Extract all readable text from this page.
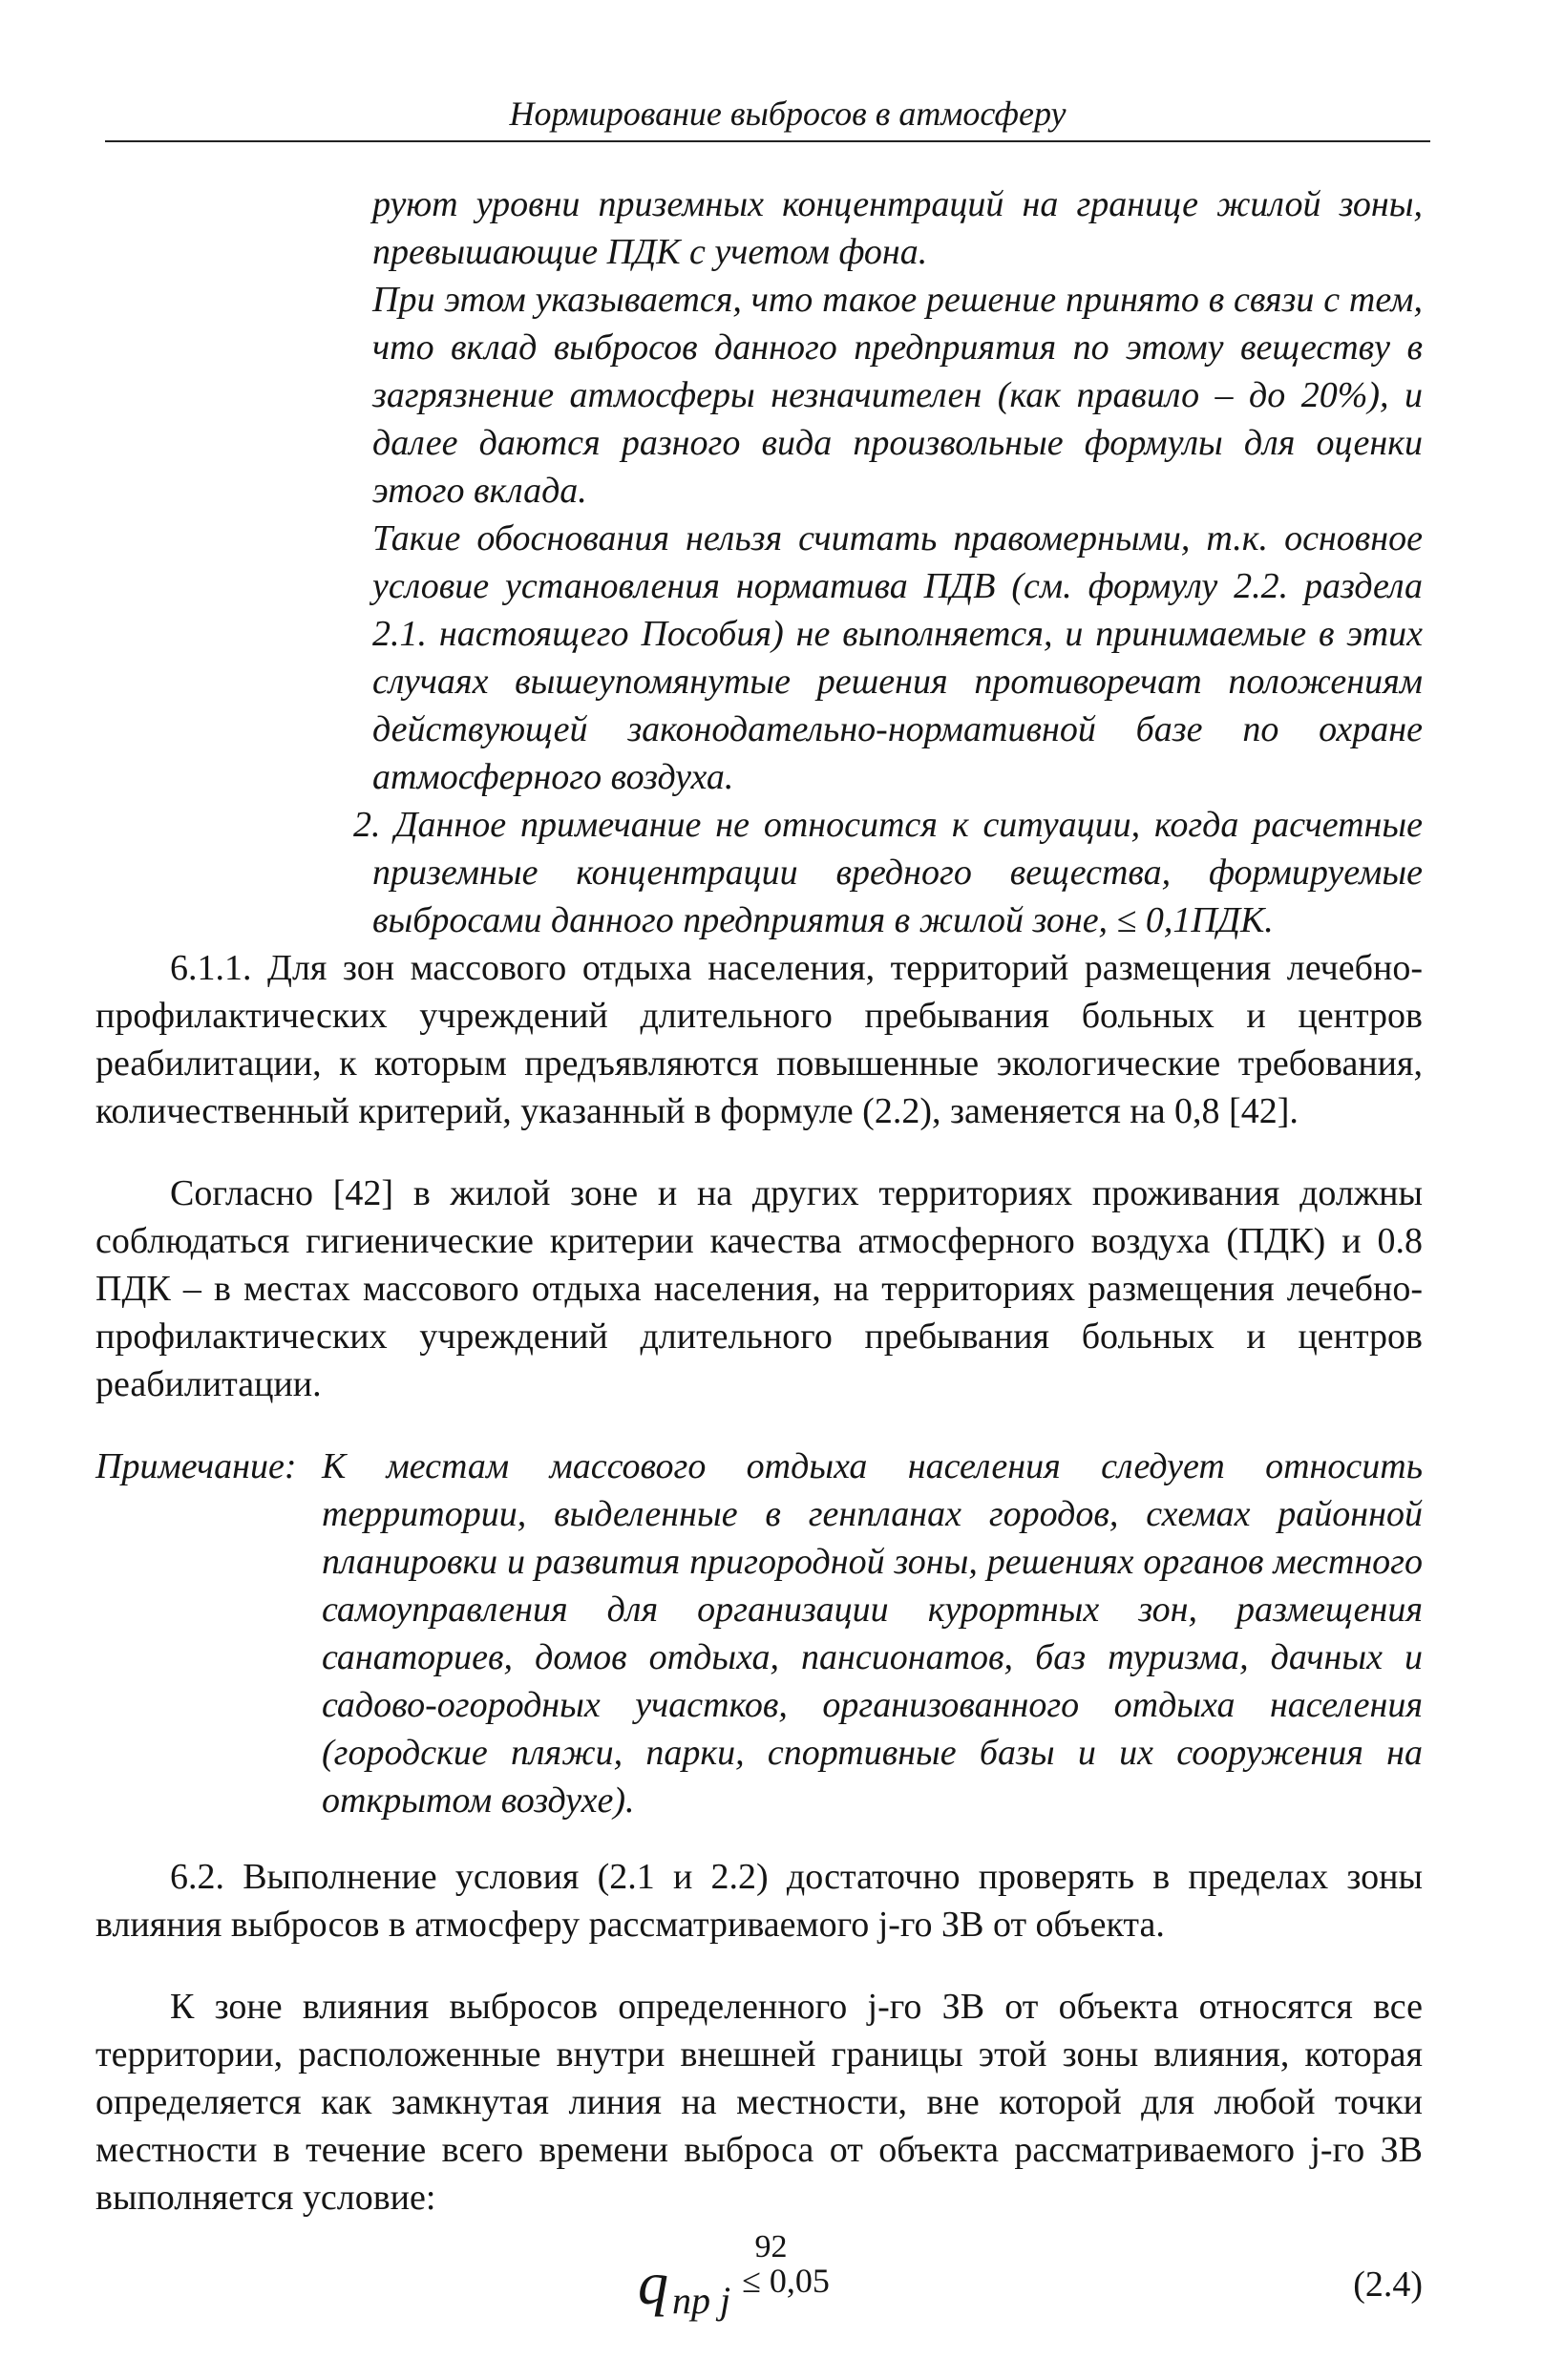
Нормирование выбросов в атмосферу

руют уровни приземных концентраций на границе жилой зоны, превышающие ПДК с учетом фона.

При этом указывается, что такое решение принято в связи с тем, что вклад выбросов данного предприятия по этому веществу в загрязнение атмосферы незначителен (как правило – до 20%), и далее даются разного вида произвольные формулы для оценки этого вклада.

Такие обоснования нельзя считать правомерными, т.к. основное условие установления норматива ПДВ (см. формулу 2.2. раздела 2.1. настоящего Пособия) не выполняется, и принимаемые в этих случаях вышеупомянутые решения противоречат положениям действующей законодательно-нормативной базе по охране атмосферного воздуха.

2. Данное примечание не относится к ситуации, когда расчетные приземные концентрации вредного вещества, формируемые выбросами данного предприятия в жилой зоне, ≤ 0,1ПДК.

6.1.1. Для зон массового отдыха населения, территорий размещения лечебно-профилактических учреждений длительного пребывания больных и центров реабилитации, к которым предъявляются повышенные экологические требования, количественный критерий, указанный в формуле (2.2), заменяется на 0,8 [42].

Согласно [42] в жилой зоне и на других территориях проживания должны соблюдаться гигиенические критерии качества атмосферного воздуха (ПДК) и 0.8 ПДК – в местах массового отдыха населения, на территориях размещения лечебно-профилактических учреждений длительного пребывания больных и центров реабилитации.

Примечание: К местам массового отдыха населения следует относить территории, выделенные в генпланах городов, схемах районной планировки и развития пригородной зоны, решениях органов местного самоуправления для организации курортных зон, размещения санаториев, домов отдыха, пансионатов, баз туризма, дачных и садово-огородных участков, организованного отдыха населения (городские пляжи, парки, спортивные базы и их сооружения на открытом воздухе).

6.2. Выполнение условия (2.1 и 2.2) достаточно проверять в пределах зоны влияния выбросов в атмосферу рассматриваемого j-го ЗВ от объекта.

К зоне влияния выбросов определенного j-го ЗВ от объекта относятся все территории, расположенные внутри внешней границы этой зоны влияния, которая определяется как замкнутая линия на местности, вне которой для любой точки местности в течение всего времени выброса от объекта рассматриваемого j-го ЗВ выполняется условие:

q пр j ≤ 0,05	(2.4)
92
